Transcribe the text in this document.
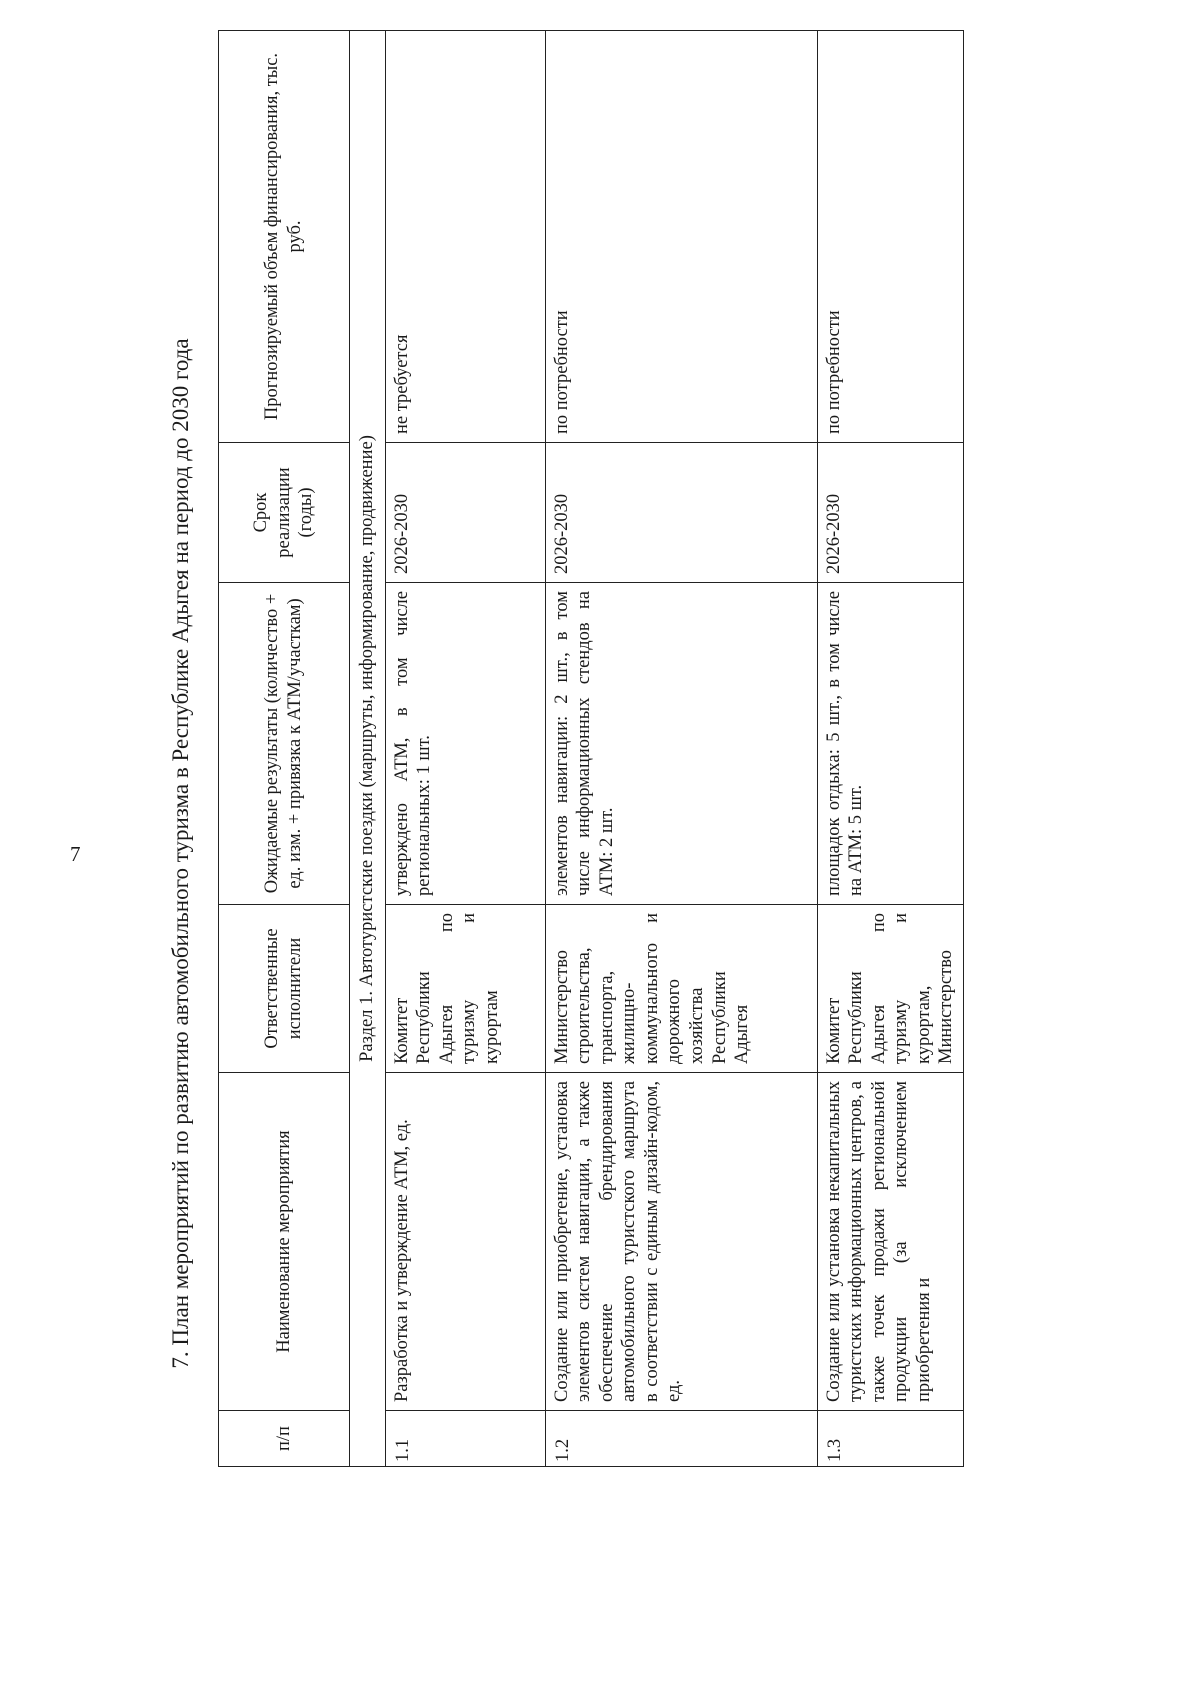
7	7. План мероприятий по развитию автомобильного туризма в Республике Адыгея на период до 2030 года
п/п	Наименование мероприятия	Ответственные исполнители	Ожидаемые результаты (количество + ед. изм. + привязка к АТМ/участкам)	Срок реализации (годы)	Прогнозируемый объем финансирования, тыс. руб.
Раздел 1. Автотуристские поездки (маршруты, информирование, продвижение)					
1.1	Разработка и утверждение АТМ, ед.	Комитет Республики Адыгея по туризму и курортам	утверждено АТМ, в том числе региональных: 1 шт.	2026-2030	не требуется
1.2	Создание или приобретение, установка элементов систем навигации, а также обеспечение брендирования автомобильного туристского маршрута в соответствии с единым дизайн-кодом, ед.	Министерство строительства, транспорта, жилищно-коммунального и дорожного хозяйства Республики Адыгея	элементов навигации: 2 шт., в том числе информационных стендов на АТМ: 2 шт.	2026-2030	по потребности
1.3	Создание или установка некапитальных туристских информационных центров, а также точек продажи региональной продукции (за исключением приобретения и	Комитет Республики Адыгея по туризму и курортам, Министерство	площадок отдыха: 5 шт., в том числе на АТМ: 5 шт.	2026-2030	по потребности
